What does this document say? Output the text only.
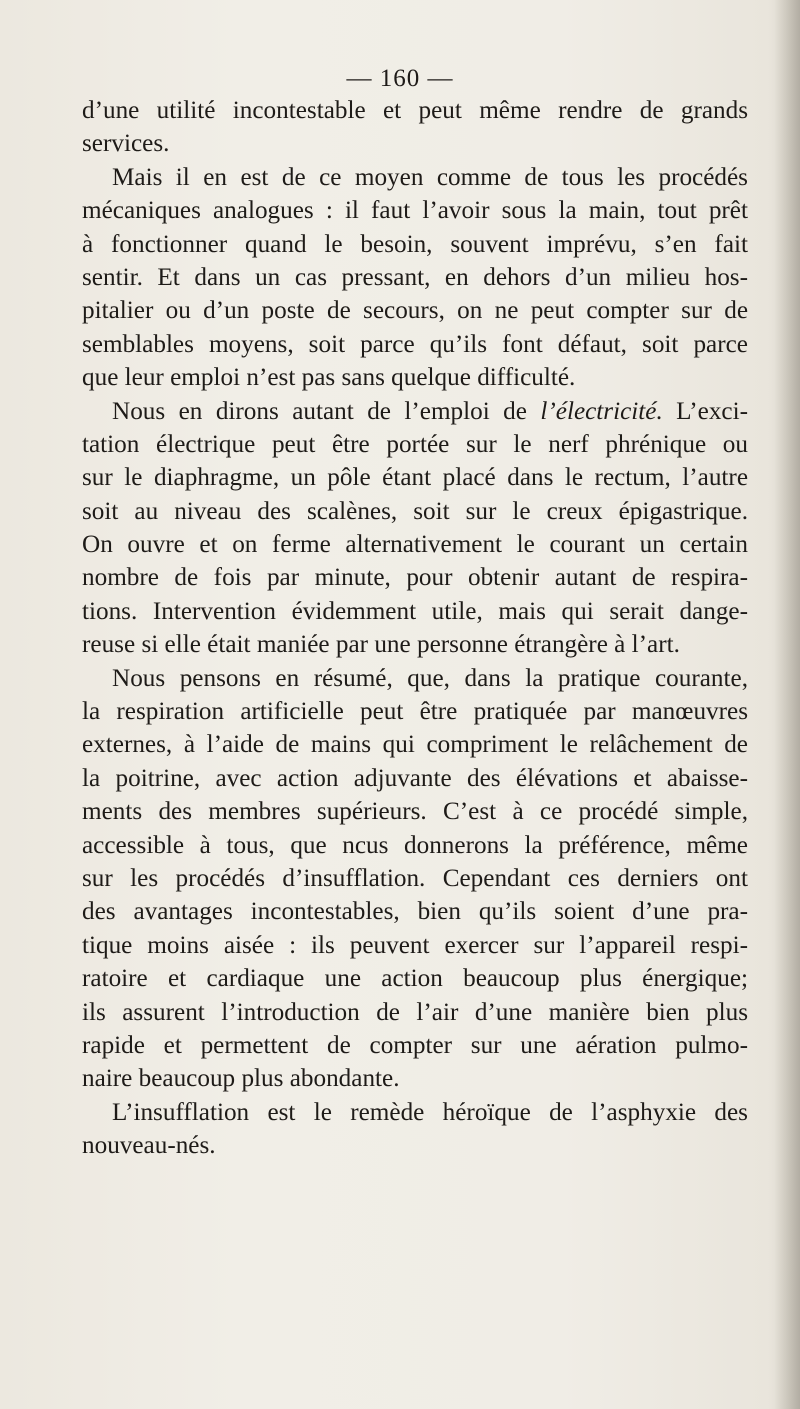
— 160 —
d’une utilité incontestable et peut même rendre de grands
services.
Mais il en est de ce moyen comme de tous les procédés
mécaniques analogues : il faut l’avoir sous la main, tout prêt
à fonctionner quand le besoin, souvent imprévu, s’en fait
sentir. Et dans un cas pressant, en dehors d’un milieu hos-
pitalier ou d’un poste de secours, on ne peut compter sur de
semblables moyens, soit parce qu’ils font défaut, soit parce
que leur emploi n’est pas sans quelque difficulté.
Nous en dirons autant de l’emploi de l’électricité. L’exci-
tation électrique peut être portée sur le nerf phrénique ou
sur le diaphragme, un pôle étant placé dans le rectum, l’autre
soit au niveau des scalènes, soit sur le creux épigastrique.
On ouvre et on ferme alternativement le courant un certain
nombre de fois par minute, pour obtenir autant de respira-
tions. Intervention évidemment utile, mais qui serait dange-
reuse si elle était maniée par une personne étrangère à l’art.
Nous pensons en résumé, que, dans la pratique courante,
la respiration artificielle peut être pratiquée par manœuvres
externes, à l’aide de mains qui compriment le relâchement de
la poitrine, avec action adjuvante des élévations et abaisse-
ments des membres supérieurs. C’est à ce procédé simple,
accessible à tous, que ncus donnerons la préférence, même
sur les procédés d’insufflation. Cependant ces derniers ont
des avantages incontestables, bien qu’ils soient d’une pra-
tique moins aisée : ils peuvent exercer sur l’appareil respi-
ratoire et cardiaque une action beaucoup plus énergique;
ils assurent l’introduction de l’air d’une manière bien plus
rapide et permettent de compter sur une aération pulmo-
naire beaucoup plus abondante.
L’insufflation est le remède héroïque de l’asphyxie des
nouveau-nés.
